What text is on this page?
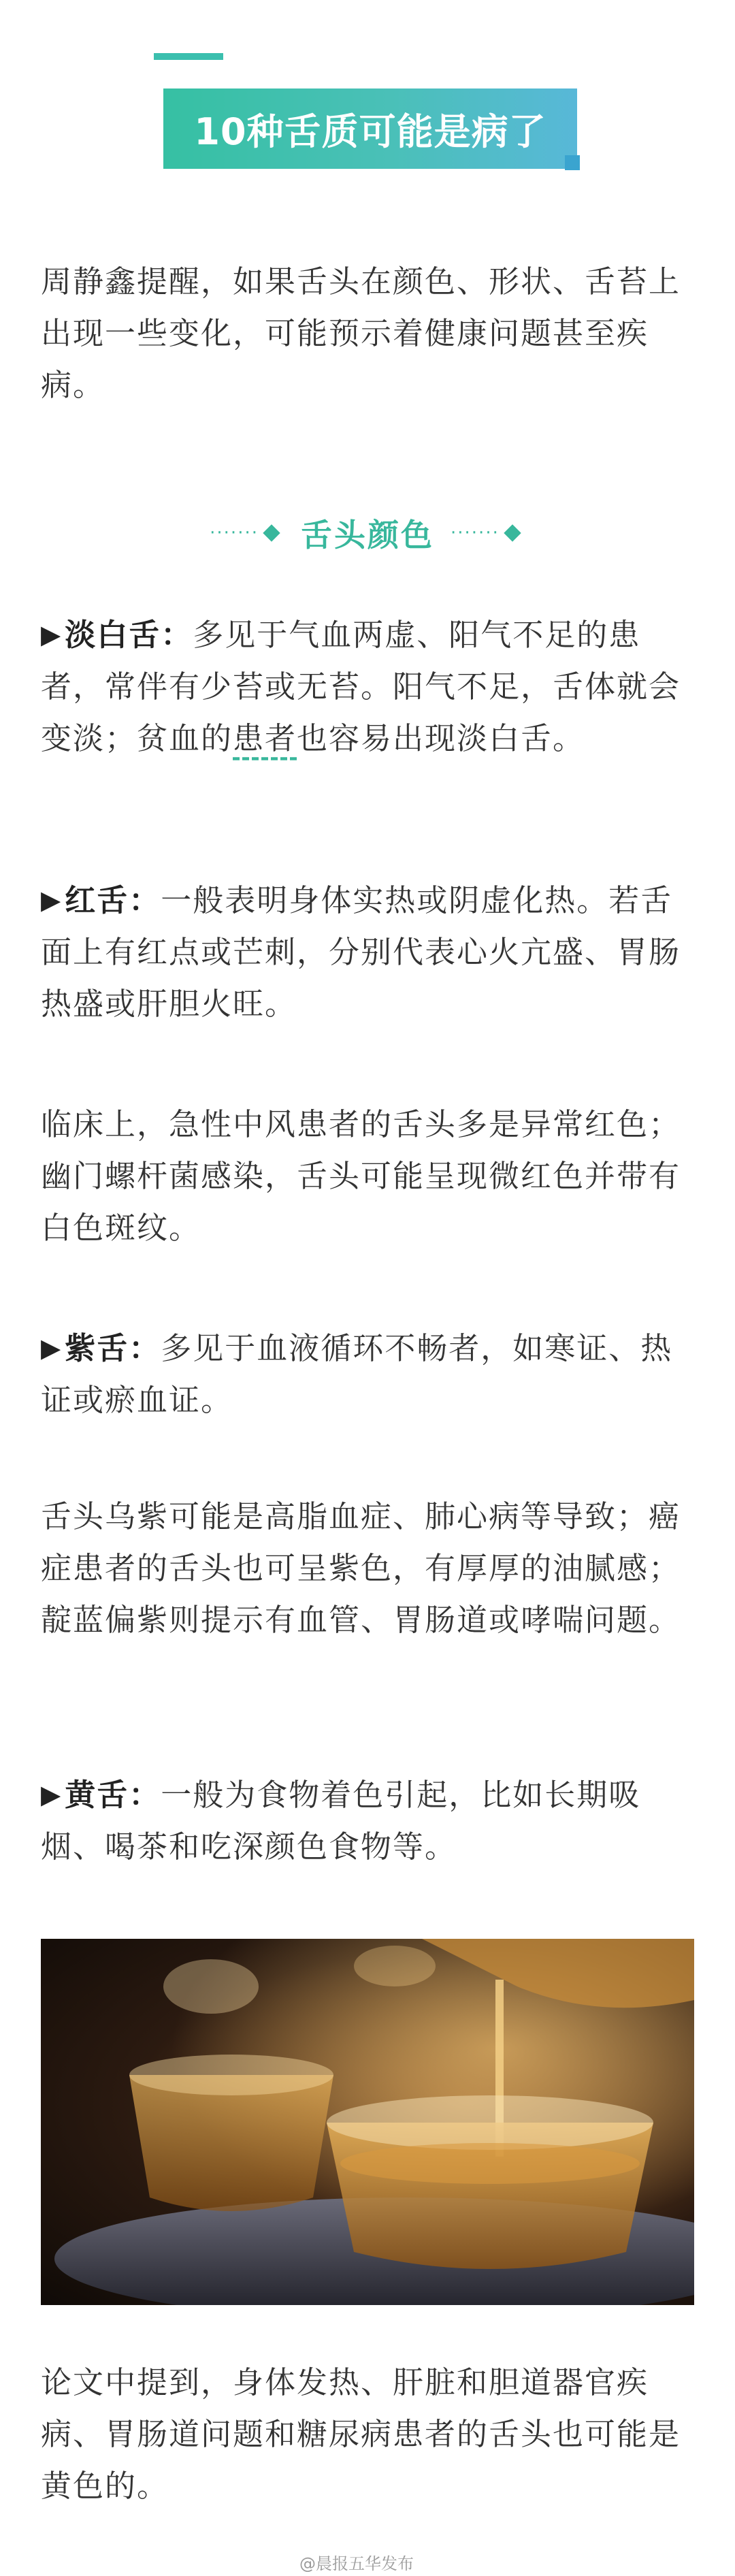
10种舌质可能是病了
周静鑫提醒，如果舌头在颜色、形状、舌苔上出现一些变化，可能预示着健康问题甚至疾病。
······· 舌头颜色 ·······
▶淡白舌：多见于气血两虚、阳气不足的患者，常伴有少苔或无苔。阳气不足，舌体就会变淡；贫血的患者也容易出现淡白舌。
▶红舌：一般表明身体实热或阴虚化热。若舌面上有红点或芒刺，分别代表心火亢盛、胃肠热盛或肝胆火旺。
临床上，急性中风患者的舌头多是异常红色；幽门螺杆菌感染，舌头可能呈现微红色并带有白色斑纹。
▶紫舌：多见于血液循环不畅者，如寒证、热证或瘀血证。
舌头乌紫可能是高脂血症、肺心病等导致；癌症患者的舌头也可呈紫色，有厚厚的油腻感；靛蓝偏紫则提示有血管、胃肠道或哮喘问题。
▶黄舌：一般为食物着色引起，比如长期吸烟、喝茶和吃深颜色食物等。
论文中提到，身体发热、肝脏和胆道器官疾病、胃肠道问题和糖尿病患者的舌头也可能是黄色的。
@晨报五华发布
